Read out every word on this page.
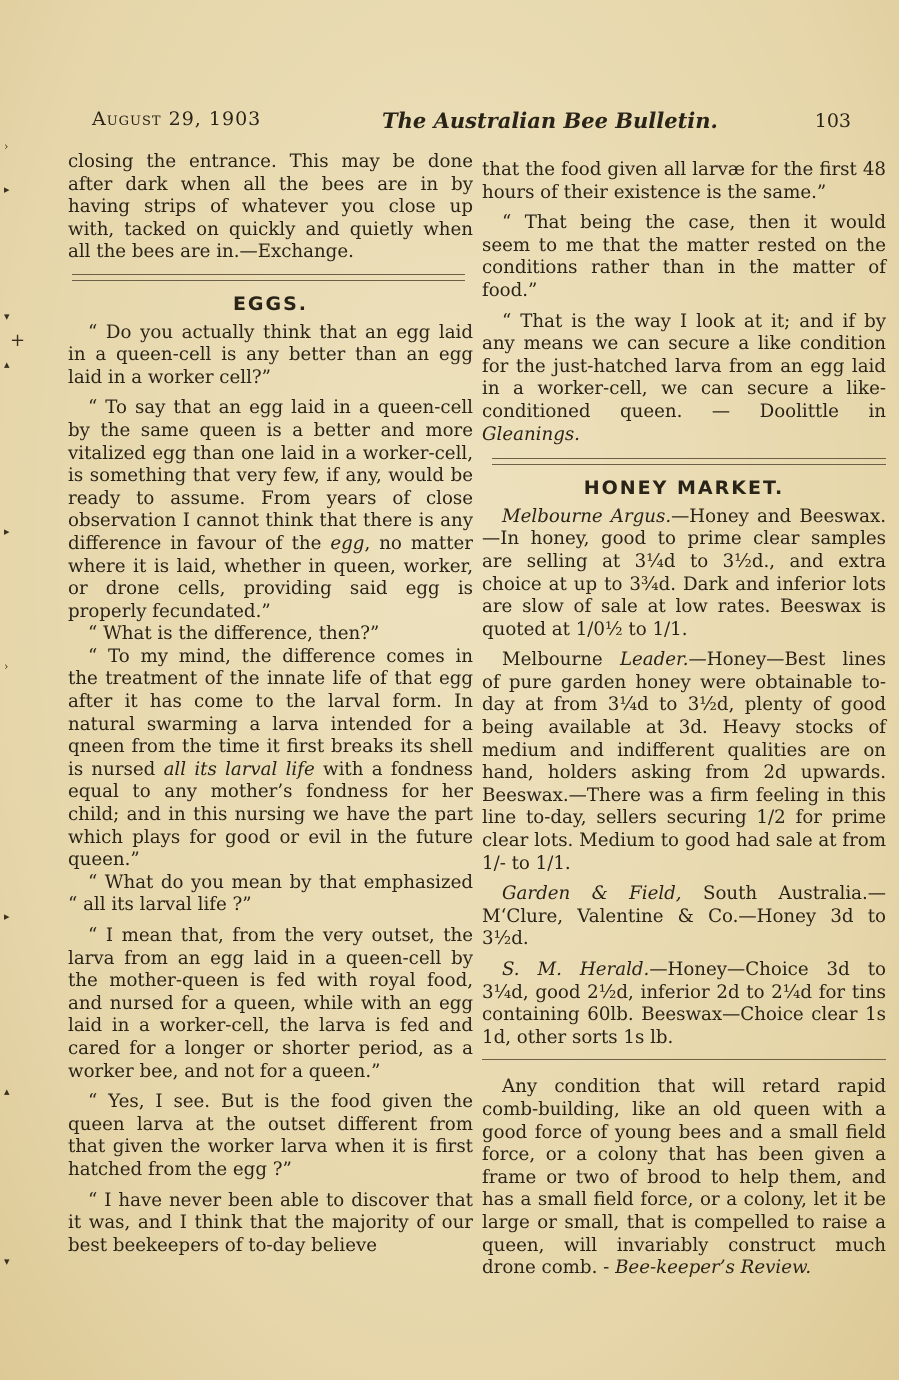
August 29, 1903	The Australian Bee Bulletin.	103

closing the entrance. This may be done after dark when all the bees are in by having strips of whatever you close up with, tacked on quickly and quietly when all the bees are in.—Exchange.

EGGS.

“ Do you actually think that an egg laid in a queen-cell is any better than an egg laid in a worker cell?”

“ To say that an egg laid in a queen-cell by the same queen is a better and more vitalized egg than one laid in a worker-cell, is something that very few, if any, would be ready to assume. From years of close observation I cannot think that there is any difference in favour of the egg, no matter where it is laid, whether in queen, worker, or drone cells, providing said egg is properly fecundated.”

“ What is the difference, then?”

“ To my mind, the difference comes in the treatment of the innate life of that egg after it has come to the larval form. In natural swarming a larva intended for a qneen from the time it first breaks its shell is nursed all its larval life with a fondness equal to any mother’s fondness for her child; and in this nursing we have the part which plays for good or evil in the future queen.”

“ What do you mean by that emphasized “ all its larval life ?”

“ I mean that, from the very outset, the larva from an egg laid in a queen-cell by the mother-queen is fed with royal food, and nursed for a queen, while with an egg laid in a worker-cell, the larva is fed and cared for a longer or shorter period, as a worker bee, and not for a queen.”

“ Yes, I see. But is the food given the queen larva at the outset different from that given the worker larva when it is first hatched from the egg ?”

“ I have never been able to discover that it was, and I think that the majority of our best beekeepers of to-day believe

that the food given all larvæ for the first 48 hours of their existence is the same.”

“ That being the case, then it would seem to me that the matter rested on the conditions rather than in the matter of food.”

“ That is the way I look at it; and if by any means we can secure a like condition for the just-hatched larva from an egg laid in a worker-cell, we can secure a like-conditioned queen. — Doolittle in Gleanings.

HONEY MARKET.

Melbourne Argus.—Honey and Beeswax. —In honey, good to prime clear samples are selling at 3¼d to 3½d., and extra choice at up to 3¾d. Dark and inferior lots are slow of sale at low rates. Beeswax is quoted at 1/0½ to 1/1.

Melbourne Leader.—Honey—Best lines of pure garden honey were obtainable to-day at from 3¼d to 3½d, plenty of good being available at 3d. Heavy stocks of medium and indifferent qualities are on hand, holders asking from 2d upwards. Beeswax.—There was a firm feeling in this line to-day, sellers securing 1/2 for prime clear lots. Medium to good had sale at from 1/- to 1/1.

Garden & Field, South Australia.—M‘Clure, Valentine & Co.—Honey 3d to 3½d.

S. M. Herald.—Honey—Choice 3d to 3¼d, good 2½d, inferior 2d to 2¼d for tins containing 60lb. Beeswax—Choice clear 1s 1d, other sorts 1s lb.

Any condition that will retard rapid comb-building, like an old queen with a good force of young bees and a small field force, or a colony that has been given a frame or two of brood to help them, and has a small field force, or a colony, let it be large or small, that is compelled to raise a queen, will invariably construct much drone comb. - Bee-keeper’s Review.

›
▸
▾
+
▴
▸
›
▸
▴
▾
